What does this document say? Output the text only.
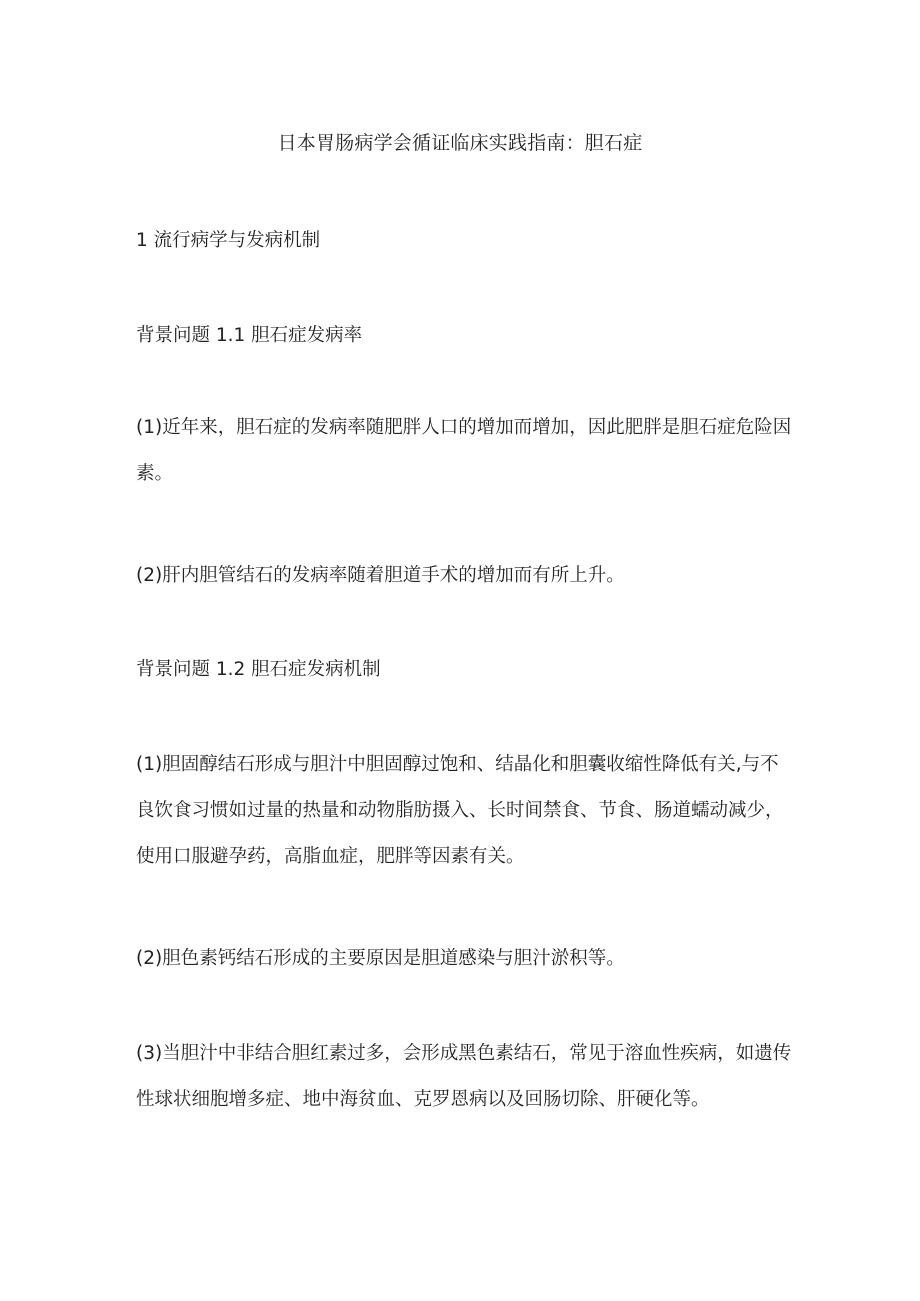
日本胃肠病学会循证临床实践指南：胆石症

1 流行病学与发病机制

背景问题 1.1 胆石症发病率

(1)近年来，胆石症的发病率随肥胖人口的增加而增加，因此肥胖是胆石症危险因
素。

(2)肝内胆管结石的发病率随着胆道手术的增加而有所上升。

背景问题 1.2 胆石症发病机制

(1)胆固醇结石形成与胆汁中胆固醇过饱和、结晶化和胆囊收缩性降低有关,与不
良饮食习惯如过量的热量和动物脂肪摄入、长时间禁食、节食、肠道蠕动减少，
使用口服避孕药，高脂血症，肥胖等因素有关。

(2)胆色素钙结石形成的主要原因是胆道感染与胆汁淤积等。

(3)当胆汁中非结合胆红素过多，会形成黑色素结石，常见于溶血性疾病，如遗传
性球状细胞增多症、地中海贫血、克罗恩病以及回肠切除、肝硬化等。
